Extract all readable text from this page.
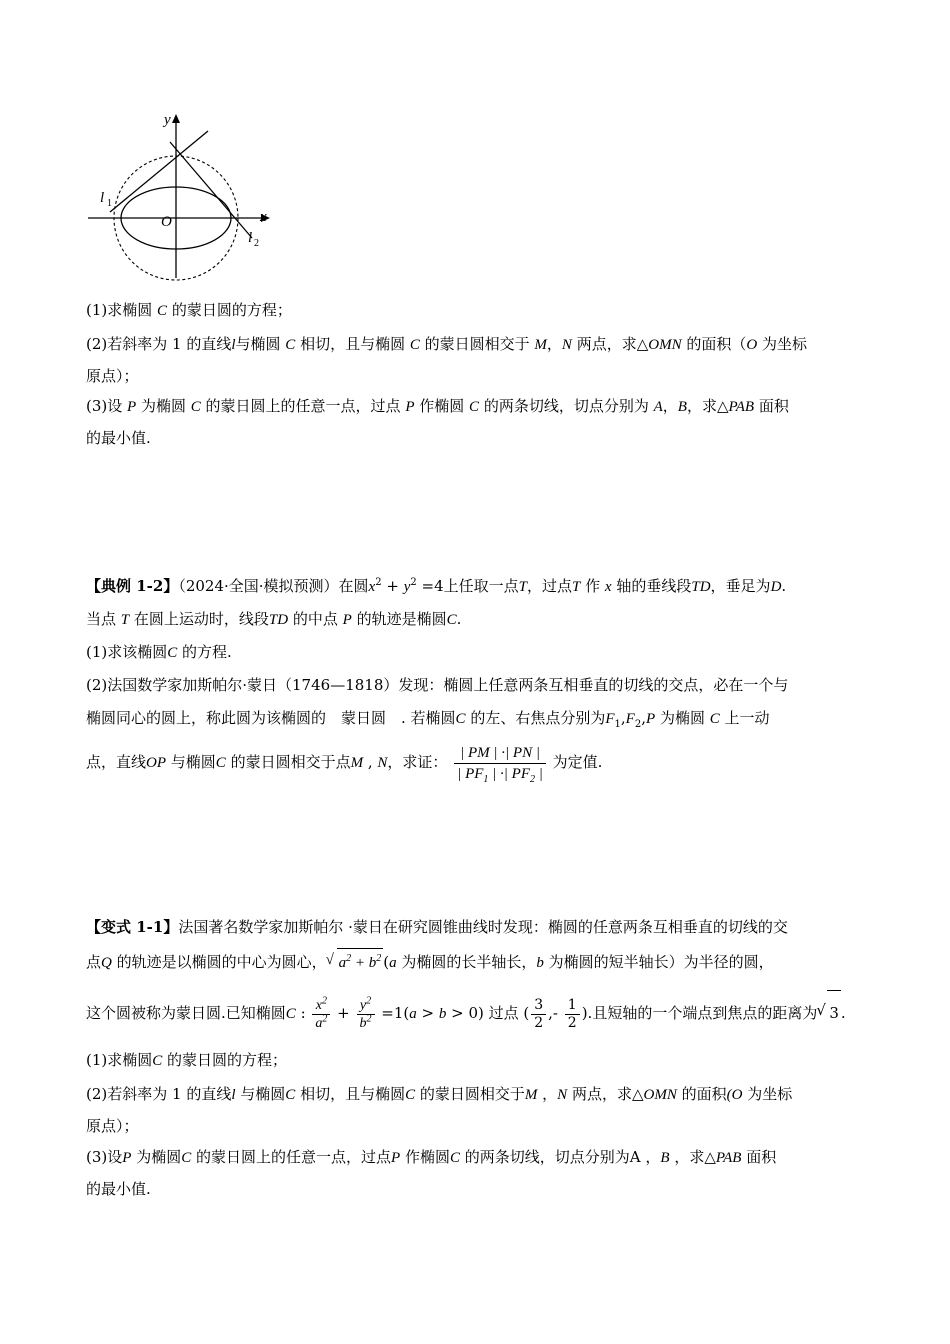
y
x
O
l 1
l 2
(1)求椭圆 C 的蒙日圆的方程；
(2)若斜率为 1 的直线l与椭圆 C 相切，且与椭圆 C 的蒙日圆相交于 M，N 两点，求△OMN 的面积（O 为坐标
原点）；
(3)设 P 为椭圆 C 的蒙日圆上的任意一点，过点 P 作椭圆 C 的两条切线，切点分别为 A，B，求△PAB 面积
的最小值.
【典例 1-2】（2024·全国·模拟预测）在圆$x^2 + y^2 =4$上任取一点T，过点T 作 x 轴的垂线段TD，垂足为D.
当点 T 在圆上运动时，线段TD 的中点 P 的轨迹是椭圆C.
(1)求该椭圆C 的方程.
(2)法国数学家加斯帕尔·蒙日（1746—1818）发现：椭圆上任意两条互相垂直的切线的交点，必在一个与
椭圆同心的圆上，称此圆为该椭圆的　蒙日圆　. 若椭圆C 的左、右焦点分别为$F_1,F_2,P$ 为椭圆 C 上一动
点，直线OP 与椭圆C 的蒙日圆相交于点M , N，求证： $\frac{| PM | \cdot| PN |}{| PF_1 | \cdot| PF_2 |}$ 为定值.
【变式 1-1】法国著名数学家加斯帕尔 ·蒙日在研究圆锥曲线时发现：椭圆的任意两条互相垂直的切线的交
点Q 的轨迹是以椭圆的中心为圆心， √ $a^2 + b^2$ (a 为椭圆的长半轴长，b 为椭圆的短半轴长）为半径的圆，
这个圆被称为蒙日圆.已知椭圆C : $\frac{x^2}{a^2} + \frac{y^2}{b^2} =1(a > b > 0)$ 过点 ( $\frac{3}{2}$ ,- $\frac{1}{2}$ ).且短轴的一个端点到焦点的距离为 √ 3 .
(1)求椭圆C 的蒙日圆的方程；
(2)若斜率为 1 的直线l 与椭圆C 相切，且与椭圆C 的蒙日圆相交于M ，N 两点，求△OMN 的面积(O 为坐标
原点）；
(3)设P 为椭圆C 的蒙日圆上的任意一点，过点P 作椭圆C 的两条切线，切点分别为A ，B ，求△PAB 面积
的最小值.
